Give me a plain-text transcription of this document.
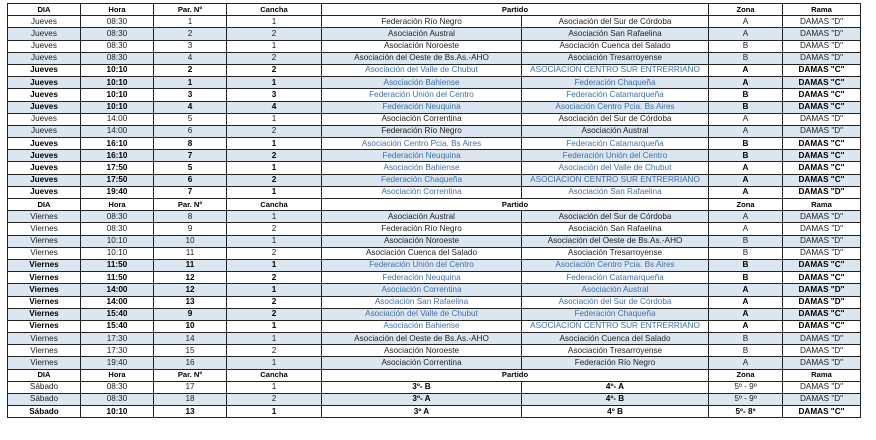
DIA	Hora	Par. Nº	Cancha	Partido		Zona	Rama
Jueves	08:30	1	1	Federación Río Negro	Asociación del Sur de Córdoba	A	DAMAS "D"
Jueves	08:30	2	2	Asociación Austral	Asociación San Rafaelina	A	DAMAS "D"
Jueves	08:30	3	1	Asociación Noroeste	Asociación Cuenca del Salado	B	DAMAS "D"
Jueves	08:30	4	2	Asociación del Oeste de Bs.As.-AHO	Asociación Tresarroyense	B	DAMAS "D"
Jueves	10:10	2	2	Asociación del Valle de Chubut	ASOCIACION CENTRO SUR ENTRERRIANO	A	DAMAS "C"
Jueves	10:10	1	1	Asociación Bahiense	Federación Chaqueña	A	DAMAS "C"
Jueves	10:10	3	3	Federación Unión del Centro	Federación Catamarqueña	B	DAMAS "C"
Jueves	10:10	4	4	Federación Neuquina	Asociación Centro Pcia. Bs Aires	B	DAMAS "C"
Jueves	14:00	5	1	Asociación Correntina	Asociación del Sur de Córdoba	A	DAMAS "D"
Jueves	14:00	6	2	Federación Río Negro	Asociación Austral	A	DAMAS "D"
Jueves	16:10	8	1	Asociación Centro Pcia. Bs Aires	Federación Catamarqueña	B	DAMAS "C"
Jueves	16:10	7	2	Federación Neuquina	Federación Unión del Centro	B	DAMAS "C"
Jueves	17:50	5	1	Asociación Bahiense	Asociación del Valle de Chubut	A	DAMAS "C"
Jueves	17:50	6	2	Federación Chaqueña	ASOCIACION CENTRO SUR ENTRERRIANO	A	DAMAS "C"
Jueves	19:40	7	1	Asociación Correntina	Asociación San Rafaelina	A	DAMAS "D"
DIA	Hora	Par. Nº	Cancha	Partido		Zona	Rama
Viernes	08:30	8	1	Asociación Austral	Asociación del Sur de Córdoba	A	DAMAS "D"
Viernes	08:30	9	2	Federación Río Negro	Asociación San Rafaelina	A	DAMAS "D"
Viernes	10:10	10	1	Asociación Noroeste	Asociación del Oeste de Bs.As.-AHO	B	DAMAS "D"
Viernes	10:10	11	2	Asociación Cuenca del Salado	Asociación Tresarroyense	B	DAMAS "D"
Viernes	11:50	11	1	Federación Unión del Centro	Asociación Centro Pcia. Bs Aires	B	DAMAS "C"
Viernes	11:50	12	2	Federación Neuquina	Federación Catamarqueña	B	DAMAS "C"
Viernes	14:00	12	1	Asociación Correntina	Asociación Austral	A	DAMAS "D"
Viernes	14:00	13	2	Asociación San Rafaelina	Asociación del Sur de Córdoba	A	DAMAS "D"
Viernes	15:40	9	2	Asociación del Valle de Chubut	Federación Chaqueña	A	DAMAS "C"
Viernes	15:40	10	1	Asociación Bahiense	ASOCIACION CENTRO SUR ENTRERRIANO	A	DAMAS "C"
Viernes	17:30	14	1	Asociación del Oeste de Bs.As.-AHO	Asociación Cuenca del Salado	B	DAMAS "D"
Viernes	17:30	15	2	Asociación Noroeste	Asociación Tresarroyense	B	DAMAS "D"
Viernes	19:40	16	1	Asociación Correntina	Federación Río Negro	A	DAMAS "D"
DIA	Hora	Par. Nº	Cancha	Partido		Zona	Rama
Sábado	08:30	17	1	3º- B	4º- A	5º - 9º	DAMAS "D"
Sábado	08:30	18	2	3º- A	4º- B	5º - 9º	DAMAS "D"
Sábado	10:10	13	1	3º A	4º B	5º- 8º	DAMAS "C"
